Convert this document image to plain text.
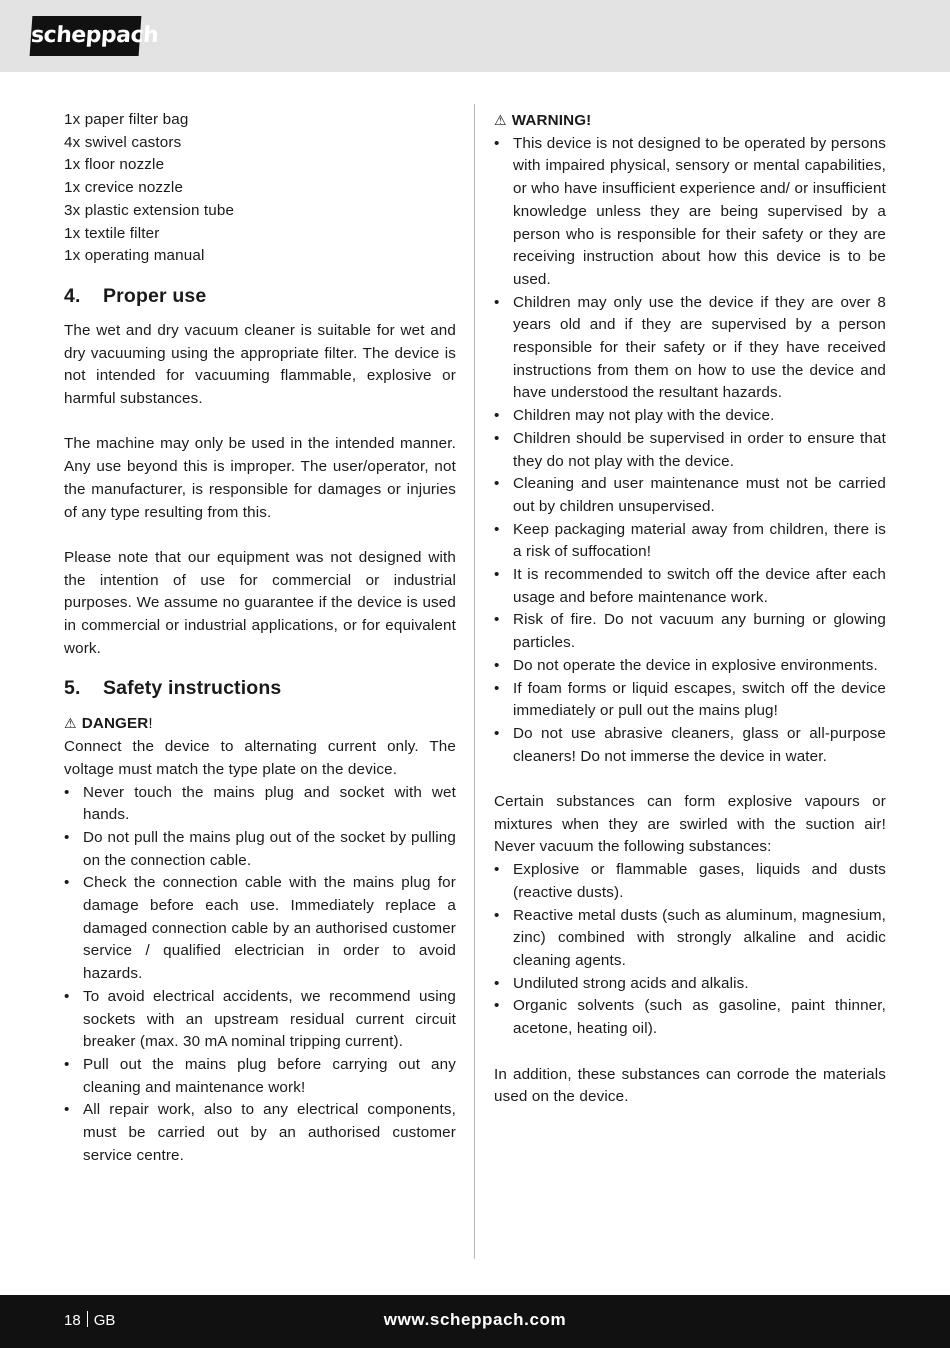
scheppach

1x paper filter bag

4x swivel castors

1x floor nozzle

1x crevice nozzle

3x plastic extension tube

1x textile filter

1x operating manual

4. Proper use

The wet and dry vacuum cleaner is suitable for wet and dry vacuuming using the appropriate filter. The device is not intended for vacuuming flammable, explosive or harmful substances.

The machine may only be used in the intended manner. Any use beyond this is improper. The user/operator, not the manufacturer, is responsible for damages or injuries of any type resulting from this.

Please note that our equipment was not designed with the intention of use for commercial or industrial purposes. We assume no guarantee if the device is used in commercial or industrial applications, or for equivalent work.

5. Safety instructions

⚠ DANGER!

Connect the device to alternating current only. The voltage must match the type plate on the device.

• Never touch the mains plug and socket with wet hands.
• Do not pull the mains plug out of the socket by pulling on the connection cable.
• Check the connection cable with the mains plug for damage before each use. Immediately replace a damaged connection cable by an authorised customer service / qualified electrician in order to avoid hazards.
• To avoid electrical accidents, we recommend using sockets with an upstream residual current circuit breaker (max. 30 mA nominal tripping current).
• Pull out the mains plug before carrying out any cleaning and maintenance work!
• All repair work, also to any electrical components, must be carried out by an authorised customer service centre.

⚠ WARNING!

• This device is not designed to be operated by persons with impaired physical, sensory or mental capabilities, or who have insufficient experience and/ or insufficient knowledge unless they are being supervised by a person who is responsible for their safety or they are receiving instruction about how this device is to be used.
• Children may only use the device if they are over 8 years old and if they are supervised by a person responsible for their safety or if they have received instructions from them on how to use the device and have understood the resultant hazards.
• Children may not play with the device.
• Children should be supervised in order to ensure that they do not play with the device.
• Cleaning and user maintenance must not be carried out by children unsupervised.
• Keep packaging material away from children, there is a risk of suffocation!
• It is recommended to switch off the device after each usage and before maintenance work.
• Risk of fire. Do not vacuum any burning or glowing particles.
• Do not operate the device in explosive environments.
• If foam forms or liquid escapes, switch off the device immediately or pull out the mains plug!
• Do not use abrasive cleaners, glass or all-purpose cleaners! Do not immerse the device in water.

Certain substances can form explosive vapours or mixtures when they are swirled with the suction air! Never vacuum the following substances:

• Explosive or flammable gases, liquids and dusts (reactive dusts).
• Reactive metal dusts (such as aluminum, magnesium, zinc) combined with strongly alkaline and acidic cleaning agents.
• Undiluted strong acids and alkalis.
• Organic solvents (such as gasoline, paint thinner, acetone, heating oil).

In addition, these substances can corrode the materials used on the device.

18 GB	www.scheppach.com
